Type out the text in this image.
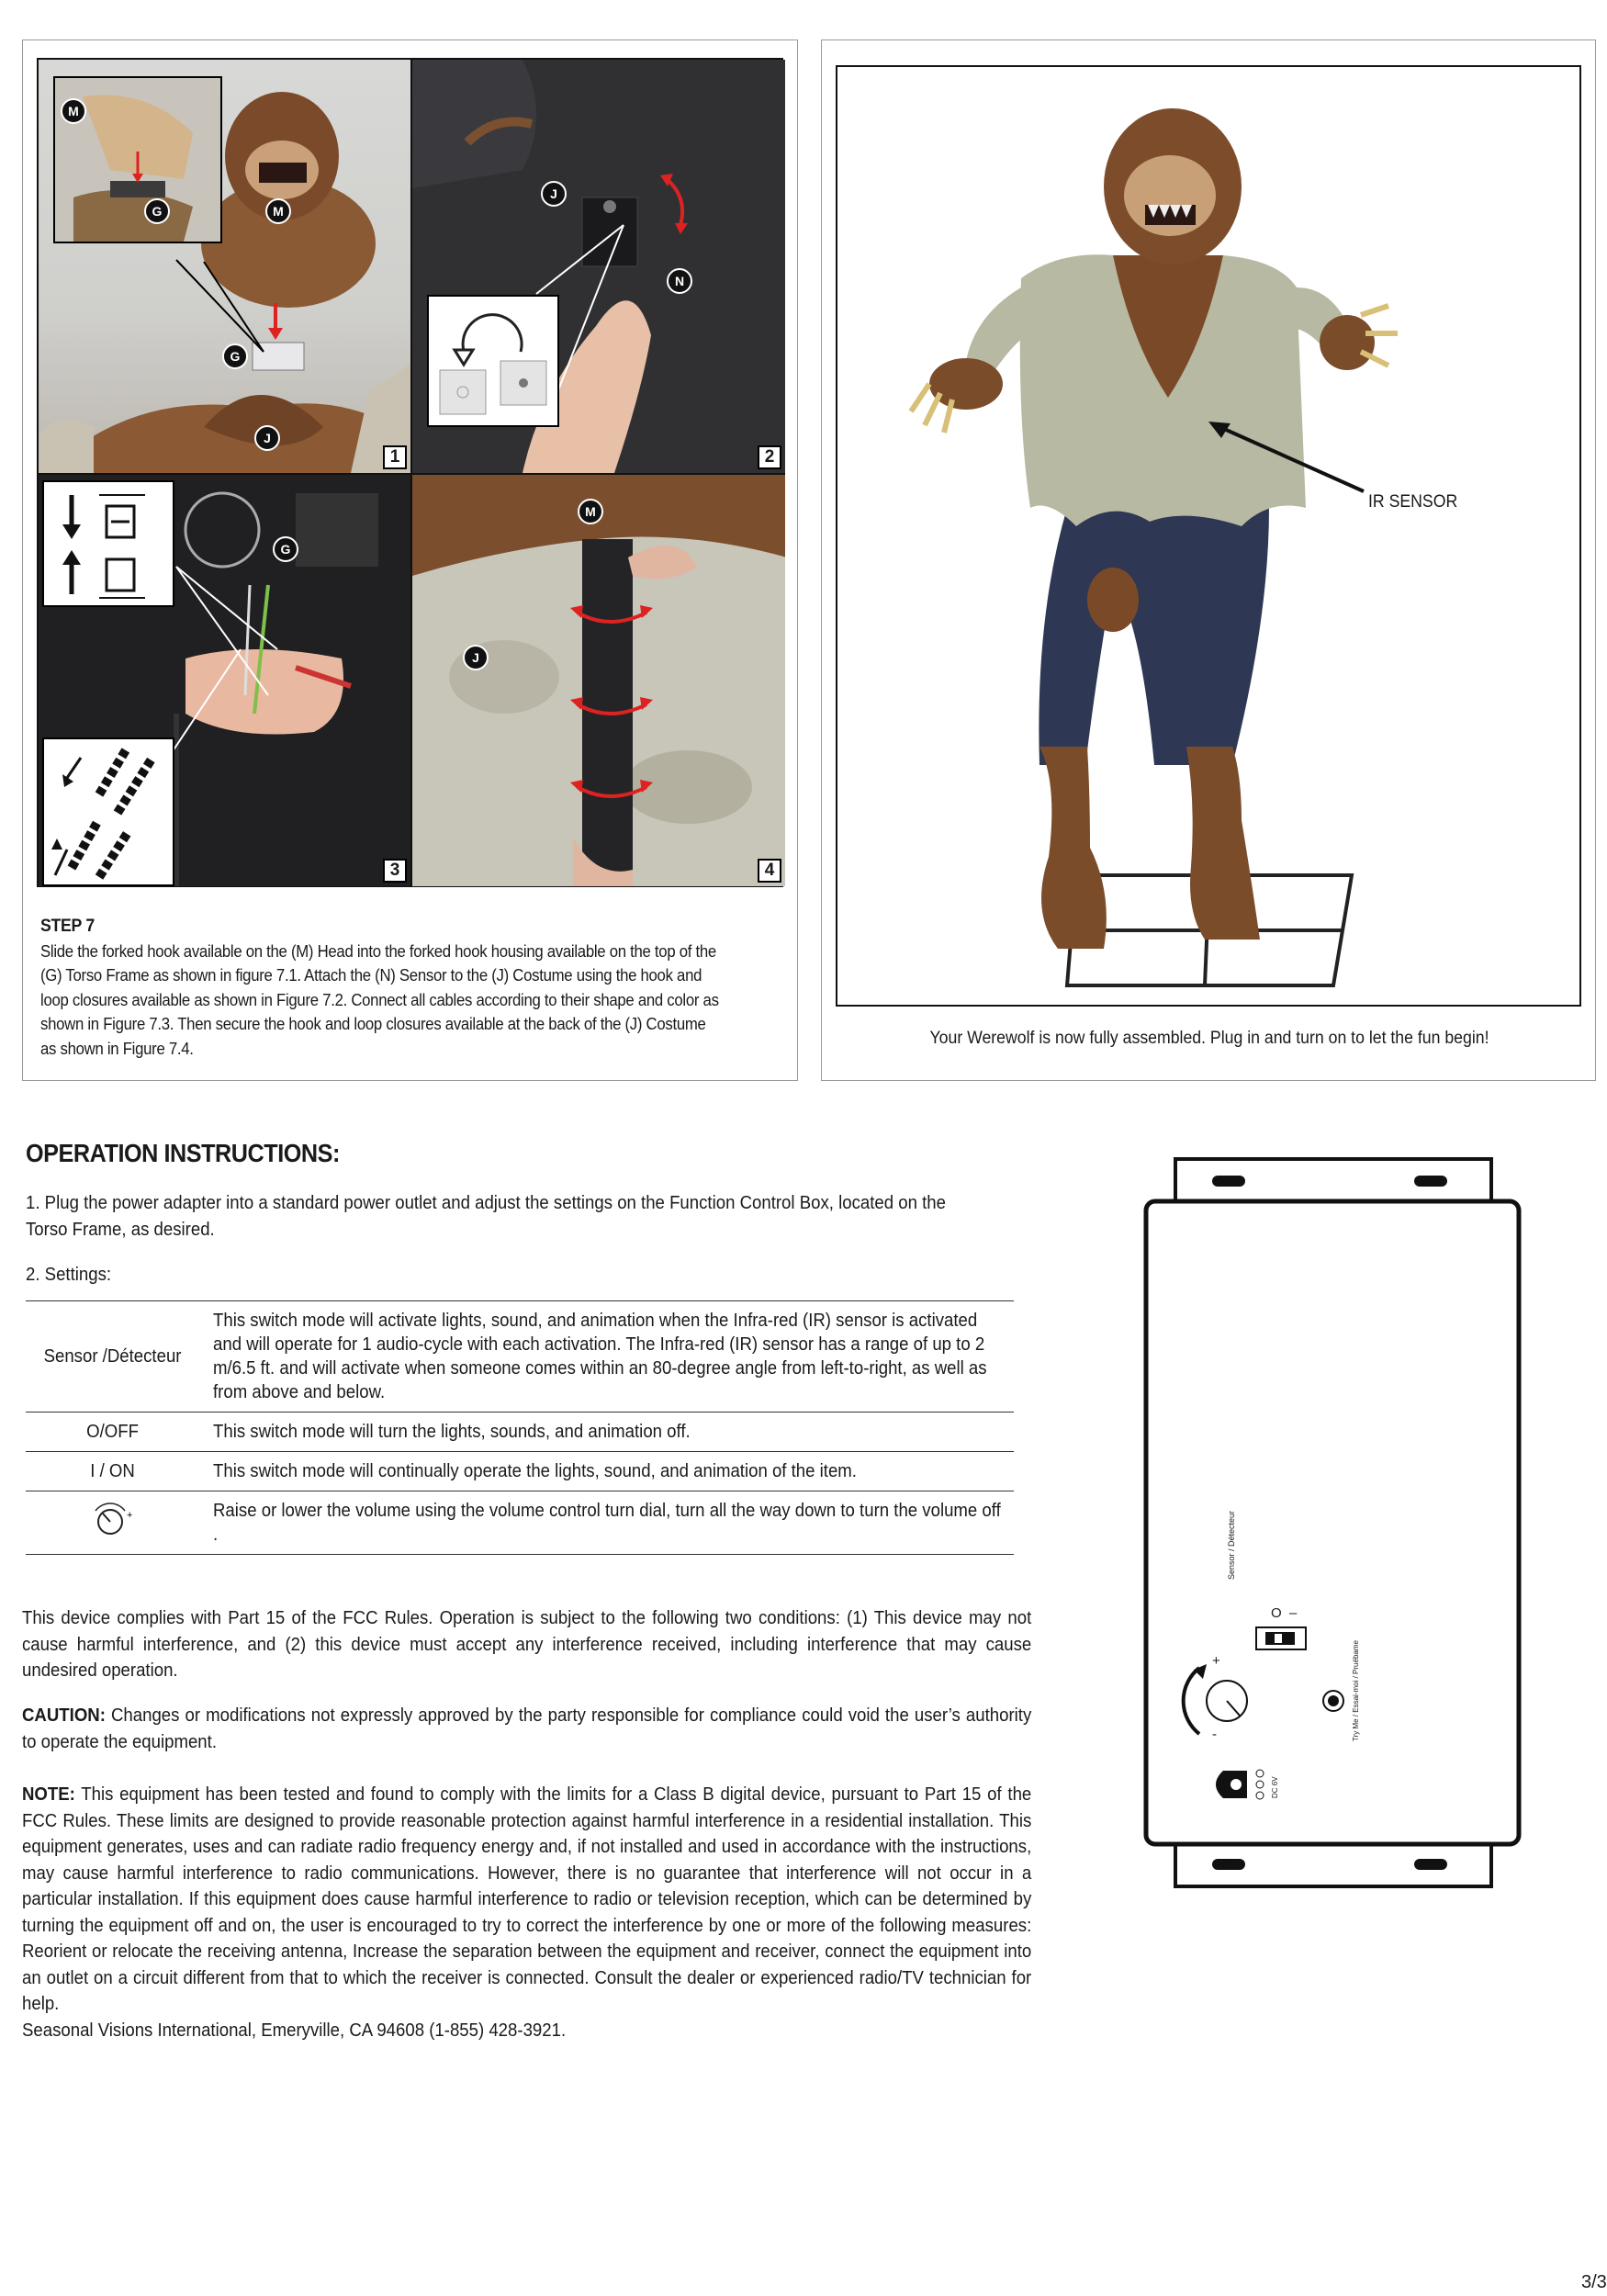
M
G	M
G
J
1
J
N
2
G
3
M
J
4
STEP 7
Slide the forked hook available on the (M) Head into the forked hook housing available on the top of the
(G) Torso Frame as shown in figure 7.1. Attach the (N) Sensor to the (J) Costume using the hook and
loop closures available as shown in Figure 7.2. Connect all cables according to their shape and color as
shown in Figure 7.3. Then secure the hook and loop closures available at the back of the (J) Costume
as shown in Figure 7.4.
IR SENSOR
Your Werewolf is now fully assembled. Plug in and turn on to let the fun begin!
OPERATION INSTRUCTIONS:
1. Plug the power adapter into a standard power outlet and adjust the settings on the Function Control Box, located on the
Torso Frame, as desired.
2. Settings:
Sensor /Détecteur	This switch mode will activate lights, sound, and animation when the Infra-red (IR) sensor is activated and will operate for 1 audio-cycle with each activation. The Infra-red (IR) sensor has a range of up to 2 m/6.5 ft. and will activate when someone comes within an 80-degree angle from left-to-right, as well as from above and below.
O/OFF	This switch mode will turn the lights, sounds, and animation off.
I / ON	This switch mode will continually operate the lights, sound, and animation of the item.

+	Raise or lower the volume using the volume control turn dial, turn all the way down to turn the volume off .
This device complies with Part 15 of the FCC Rules. Operation is subject to the following two conditions: (1) This device may not cause harmful interference, and (2) this device must accept any interference received, including interference that may cause undesired operation.
CAUTION: Changes or modifications not expressly approved by the party responsible for compliance could void the user’s authority to operate the equipment.
NOTE: This equipment has been tested and found to comply with the limits for a Class B digital device, pursuant to Part 15 of the FCC Rules. These limits are designed to provide reasonable protection against harmful interference in a residential installation. This equipment generates, uses and can radiate radio frequency energy and, if not installed and used in accordance with the instructions, may cause harmful interference to radio communications. However, there is no guarantee that interference will not occur in a particular installation. If this equipment does cause harmful interference to radio or television reception, which can be determined by turning the equipment off and on, the user is encouraged to try to correct the interference by one or more of the following measures: Reorient or relocate the receiving antenna, Increase the separation between the equipment and receiver, connect the equipment into an outlet on a circuit different from that to which the receiver is connected. Consult the dealer or experienced radio/TV technician for help.
Seasonal Visions International, Emeryville, CA 94608 (1-855) 428-3921.
Sensor / Détecteur
O  –
+
-	Try Me / Essai-moi / Pruébame
DC 6V
3/3
